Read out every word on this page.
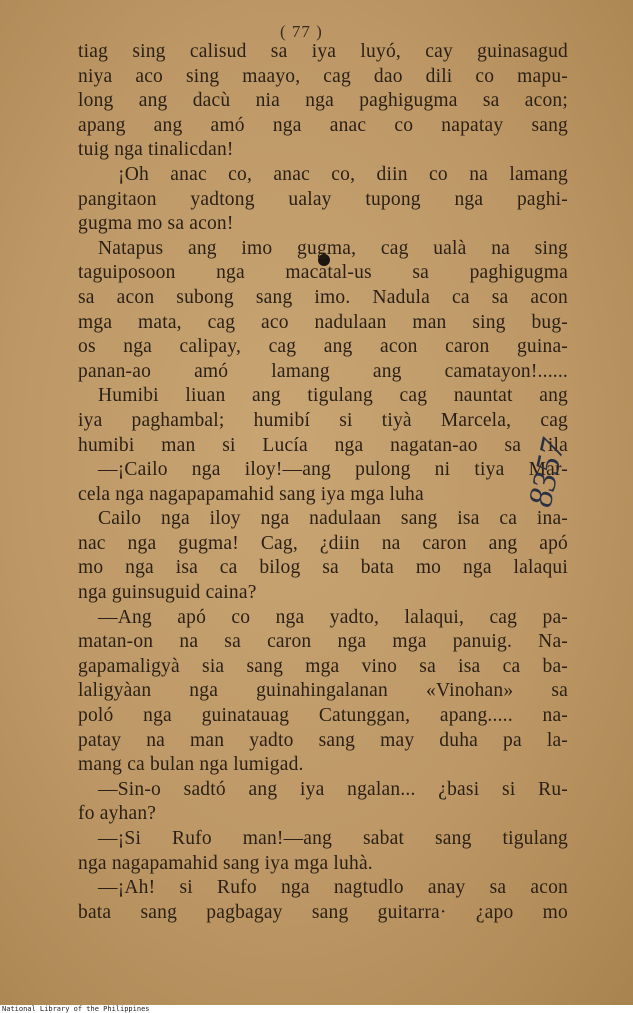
( 77 )
tiag sing calisud sa iya luyó, cay guinasagud
niya aco sing maayo, cag dao dili co mapu-
long ang dacù nia nga paghigugma sa acon;
apang ang amó nga anac co napatay sang
tuig nga tinalicdan!
¡Oh anac co, anac co, diin co na lamang
pangitaon yadtong ualay tupong nga paghi-
gugma mo sa acon!
Natapus ang imo gugma, cag ualà na sing
taguiposoon nga macatal-us sa paghigugma
sa acon subong sang imo. Nadula ca sa acon
mga mata, cag aco nadulaan man sing bug-
os nga calipay, cag ang acon caron guina-
panan-ao amó lamang ang camatayon!......
Humibi liuan ang tigulang cag nauntat ang
iya paghambal; humibí si tiyà Marcela, cag
humibi man si Lucía nga nagatan-ao sa ila
—¡Cailo nga iloy!—ang pulong ni tiya Mar-
cela nga nagapapamahid sang iya mga luha
Cailo nga iloy nga nadulaan sang isa ca ina-
nac nga gugma! Cag, ¿diin na caron ang apó
mo nga isa ca bilog sa bata mo nga lalaqui
nga guinsuguid caina?
—Ang apó co nga yadto, lalaqui, cag pa-
matan-on na sa caron nga mga panuig. Na-
gapamaligyà sia sang mga vino sa isa ca ba-
laligyàan nga guinahingalanan «Vinohan» sa
poló nga guinatauag Catunggan, apang..... na-
patay na man yadto sang may duha pa la-
mang ca bulan nga lumigad.
—Sin-o sadtó ang iya ngalan... ¿basi si Ru-
fo ayhan?
—¡Si Rufo man!—ang sabat sang tigulang
nga nagapamahid sang iya mga luhà.
—¡Ah! si Rufo nga nagtudlo anay sa acon
bata sang pagbagay sang guitarra· ¿apo mo
8357
National Library of the Philippines
